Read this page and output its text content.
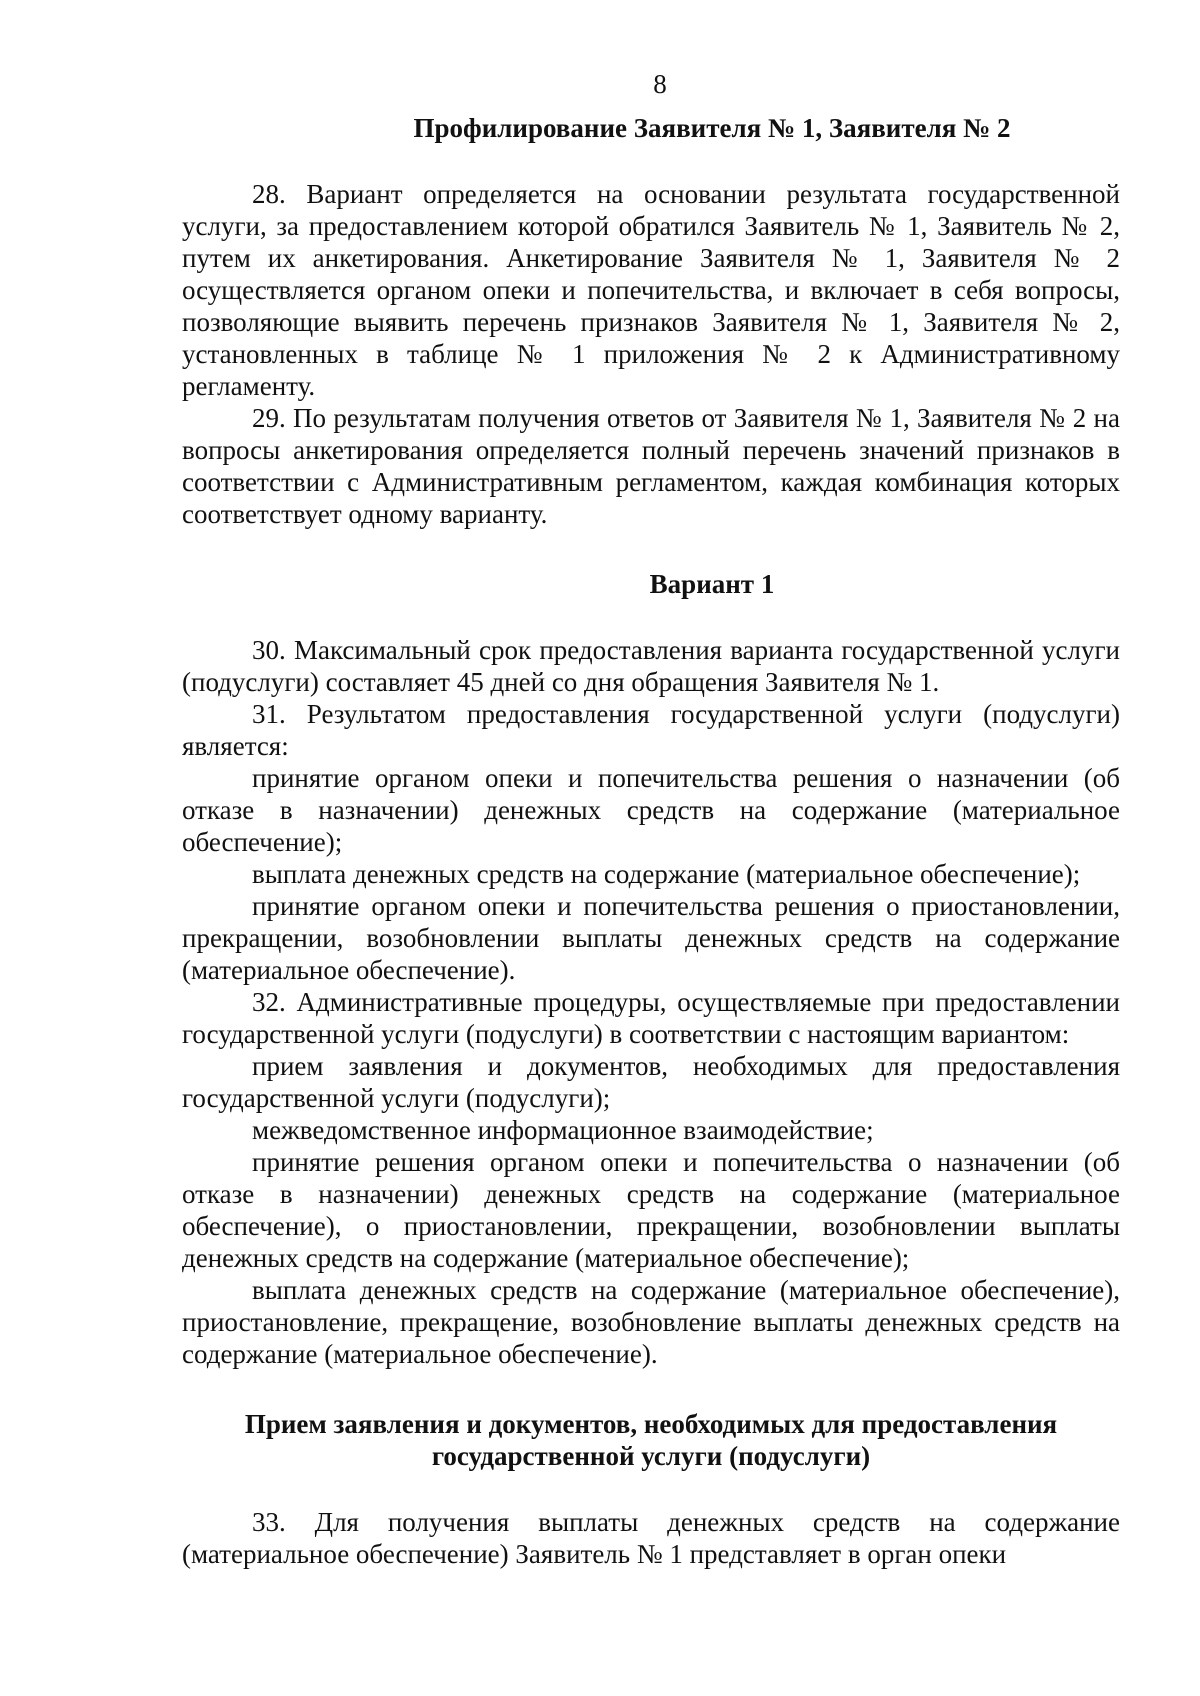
8

Профилирование Заявителя № 1, Заявителя № 2

28. Вариант определяется на основании результата государственной услуги, за предоставлением которой обратился Заявитель № 1, Заявитель № 2, путем их анкетирования. Анкетирование Заявителя № 1, Заявителя № 2 осуществляется органом опеки и попечительства, и включает в себя вопросы, позволяющие выявить перечень признаков Заявителя № 1, Заявителя № 2, установленных в таблице № 1 приложения № 2 к Административному регламенту.

29. По результатам получения ответов от Заявителя № 1, Заявителя № 2 на вопросы анкетирования определяется полный перечень значений признаков в соответствии с Административным регламентом, каждая комбинация которых соответствует одному варианту.

Вариант 1

30. Максимальный срок предоставления варианта государственной услуги (подуслуги) составляет 45 дней со дня обращения Заявителя № 1.

31. Результатом предоставления государственной услуги (подуслуги) является:

принятие органом опеки и попечительства решения о назначении (об отказе в назначении) денежных средств на содержание (материальное обеспечение);

выплата денежных средств на содержание (материальное обеспечение);

принятие органом опеки и попечительства решения о приостановлении, прекращении, возобновлении выплаты денежных средств на содержание (материальное обеспечение).

32. Административные процедуры, осуществляемые при предоставлении государственной услуги (подуслуги) в соответствии с настоящим вариантом:

прием заявления и документов, необходимых для предоставления государственной услуги (подуслуги);

межведомственное информационное взаимодействие;

принятие решения органом опеки и попечительства о назначении (об отказе в назначении) денежных средств на содержание (материальное обеспечение), о приостановлении, прекращении, возобновлении выплаты денежных средств на содержание (материальное обеспечение);

выплата денежных средств на содержание (материальное обеспечение), приостановление, прекращение, возобновление выплаты денежных средств на содержание (материальное обеспечение).

Прием заявления и документов, необходимых для предоставления

государственной услуги (подуслуги)

33. Для получения выплаты денежных средств на содержание (материальное обеспечение) Заявитель № 1 представляет в орган опеки
